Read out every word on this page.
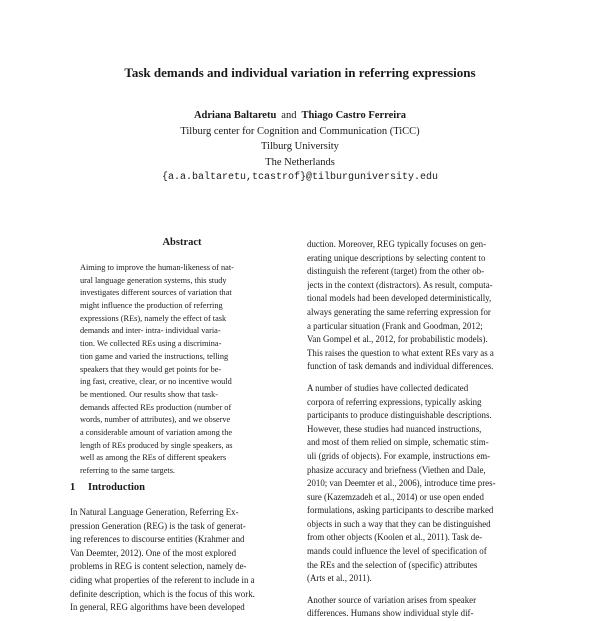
Task demands and individual variation in referring expressions
Adriana Baltaretu and Thiago Castro Ferreira
Tilburg center for Cognition and Communication (TiCC)
Tilburg University
The Netherlands
{a.a.baltaretu,tcastrof}@tilburguniversity.edu
Abstract
Aiming to improve the human-likeness of nat-
ural language generation systems, this study
investigates different sources of variation that
might influence the production of referring
expressions (REs), namely the effect of task
demands and inter- intra- individual varia-
tion. We collected REs using a discrimina-
tion game and varied the instructions, telling
speakers that they would get points for be-
ing fast, creative, clear, or no incentive would
be mentioned. Our results show that task-
demands affected REs production (number of
words, number of attributes), and we observe
a considerable amount of variation among the
length of REs produced by single speakers, as
well as among the REs of different speakers
referring to the same targets.
1 Introduction
In Natural Language Generation, Referring Ex-
pression Generation (REG) is the task of generat-
ing references to discourse entities (Krahmer and
Van Deemter, 2012). One of the most explored
problems in REG is content selection, namely de-
ciding what properties of the referent to include in a
definite description, which is the focus of this work.
In general, REG algorithms have been developed
duction. Moreover, REG typically focuses on gen-
erating unique descriptions by selecting content to
distinguish the referent (target) from the other ob-
jects in the context (distractors). As result, computa-
tional models had been developed deterministically,
always generating the same referring expression for
a particular situation (Frank and Goodman, 2012;
Van Gompel et al., 2012, for probabilistic models).
This raises the question to what extent REs vary as a
function of task demands and individual differences.
A number of studies have collected dedicated
corpora of referring expressions, typically asking
participants to produce distinguishable descriptions.
However, these studies had nuanced instructions,
and most of them relied on simple, schematic stim-
uli (grids of objects). For example, instructions em-
phasize accuracy and briefness (Viethen and Dale,
2010; van Deemter et al., 2006), introduce time pres-
sure (Kazemzadeh et al., 2014) or use open ended
formulations, asking participants to describe marked
objects in such a way that they can be distinguished
from other objects (Koolen et al., 2011). Task de-
mands could influence the level of specification of
the REs and the selection of (specific) attributes
(Arts et al., 2011).
Another source of variation arises from speaker
differences. Humans show individual style dif-
